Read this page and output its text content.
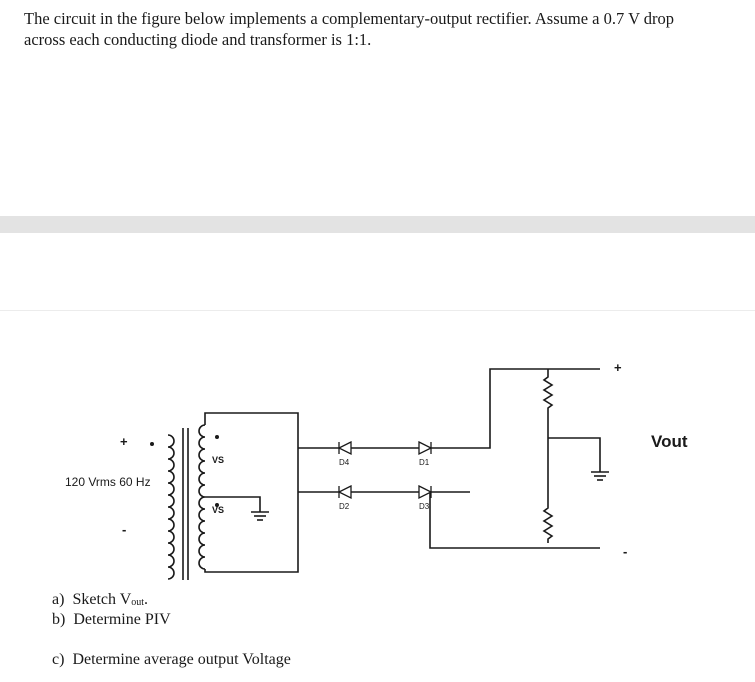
The circuit in the figure below implements a complementary-output rectifier. Assume a 0.7 V drop
across each conducting diode and transformer is 1:1.
+
-
120 Vrms 60 Hz
VS
VS
D4	D1
D2	D3
+
-
Vout
a) Sketch $V_{out}$.
b) Determine PIV
c) Determine average output Voltage
